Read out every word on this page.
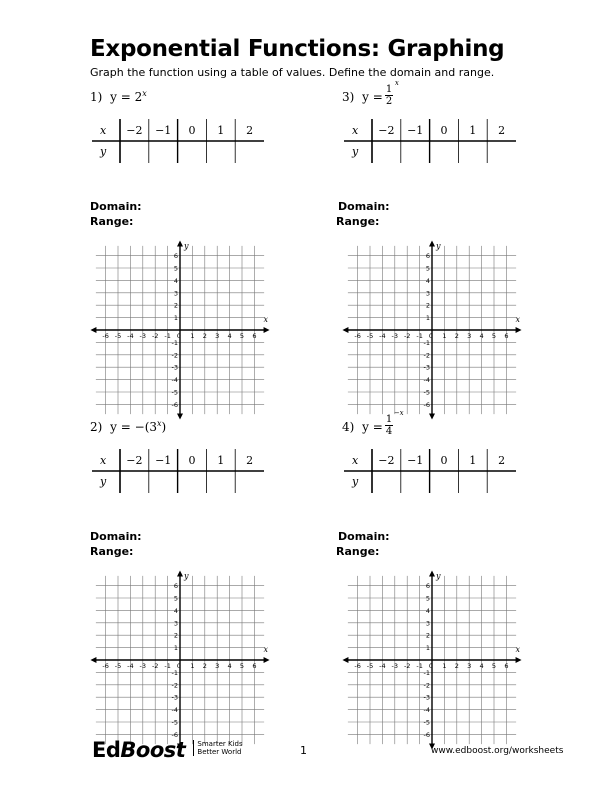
Exponential Functions: Graphing
Graph the function using a table of values. Define the domain and range.
1) $y = 2^x$
x
y
−2 −1 0 1 2
Domain:
Range:
x
y
-6 -5 -4 -3 -2 -1 0 1 2 3 4 5 6
6
5
4
3
2
1
-1
-2
-3
-4
-5
-6
3) y =
1
2
x
x
y
−2 −1 0 1 2
Domain:
Range:
x
y
-6 -5 -4 -3 -2 -1 0 1 2 3 4 5 6
6
5
4
3
2
1
-1
-2
-3
-4
-5
-6
2) $y = -(3^x)$
x
y
−2 −1 0 1 2
Domain:
Range:
x
y
-6 -5 -4 -3 -2 -1 0 1 2 3 4 5 6
6
5
4
3
2
1
-1
-2
-3
-4
-5
-6
4) y =
1
4
−x
x
y
−2 −1 0 1 2
Domain:
Range:
x
y
-6 -5 -4 -3 -2 -1 0 1 2 3 4 5 6
6
5
4
3
2
1
-1
-2
-3
-4
-5
-6
EdBoost Smarter Kids
Better World	1	www.edboost.org/worksheets
